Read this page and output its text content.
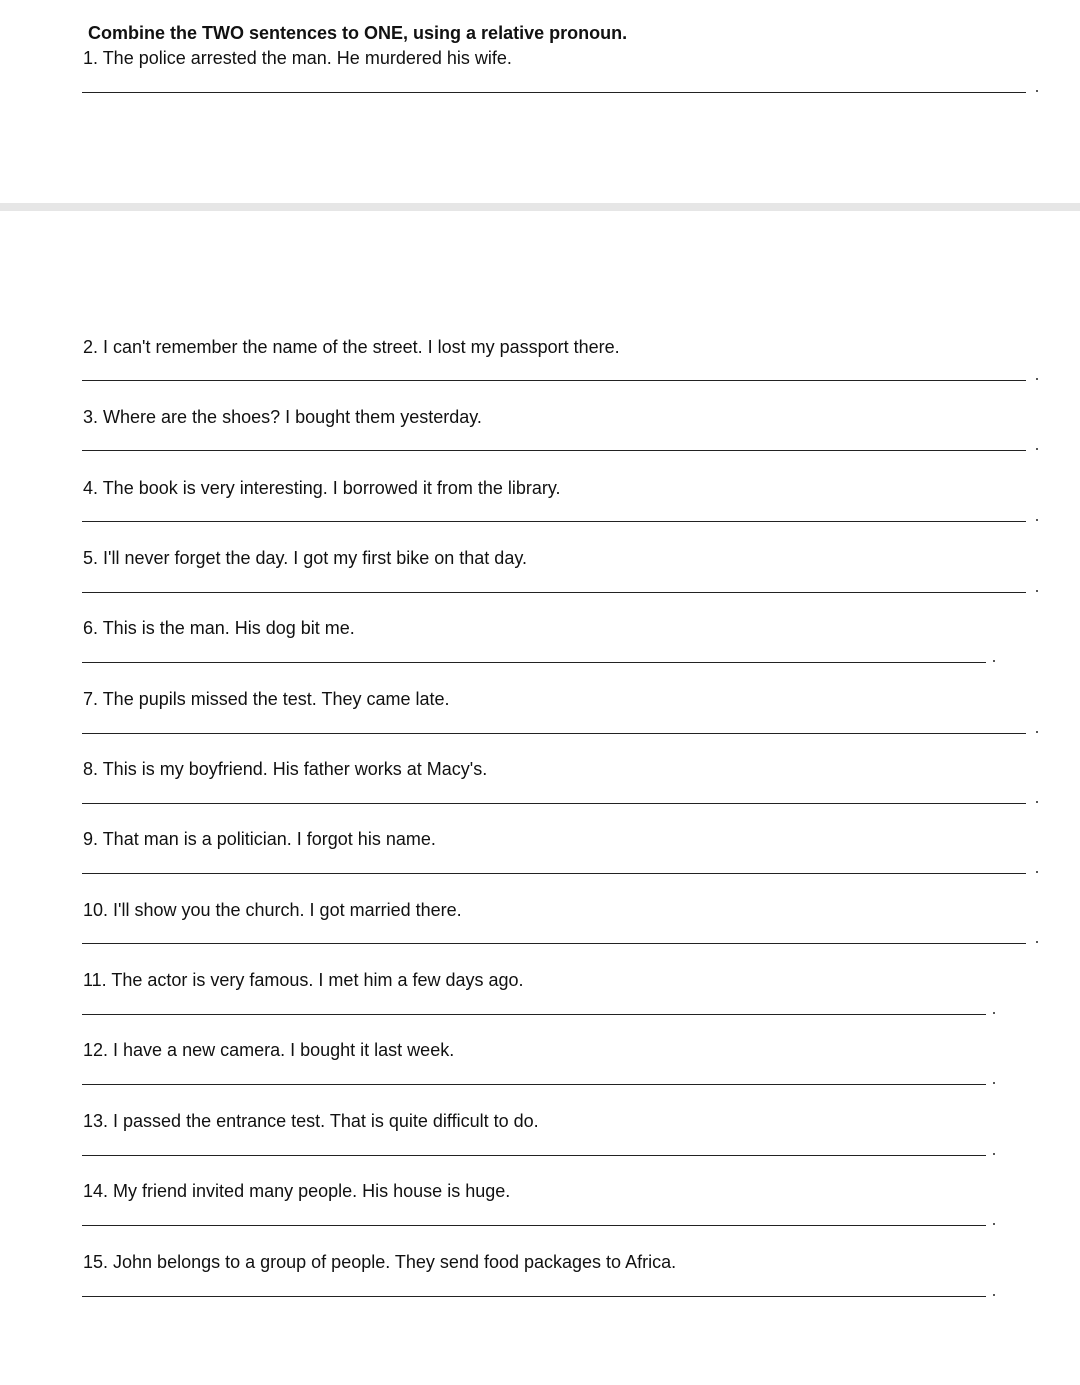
Combine the TWO sentences to ONE, using a relative pronoun.
1. The police arrested the man. He murdered his wife.
2. I can't remember the name of the street. I lost my passport there.
3. Where are the shoes? I bought them yesterday.
4. The book is very interesting. I borrowed it from the library.
5. I'll never forget the day. I got my first bike on that day.
6. This is the man. His dog bit me.
7. The pupils missed the test. They came late.
8. This is my boyfriend. His father works at Macy's.
9. That man is a politician. I forgot his name.
10. I'll show you the church. I got married there.
11. The actor is very famous. I met him a few days ago.
12. I have a new camera. I bought it last week.
13. I passed the entrance test. That is quite difficult to do.
14. My friend invited many people. His house is huge.
15. John belongs to a group of people. They send food packages to Africa.
